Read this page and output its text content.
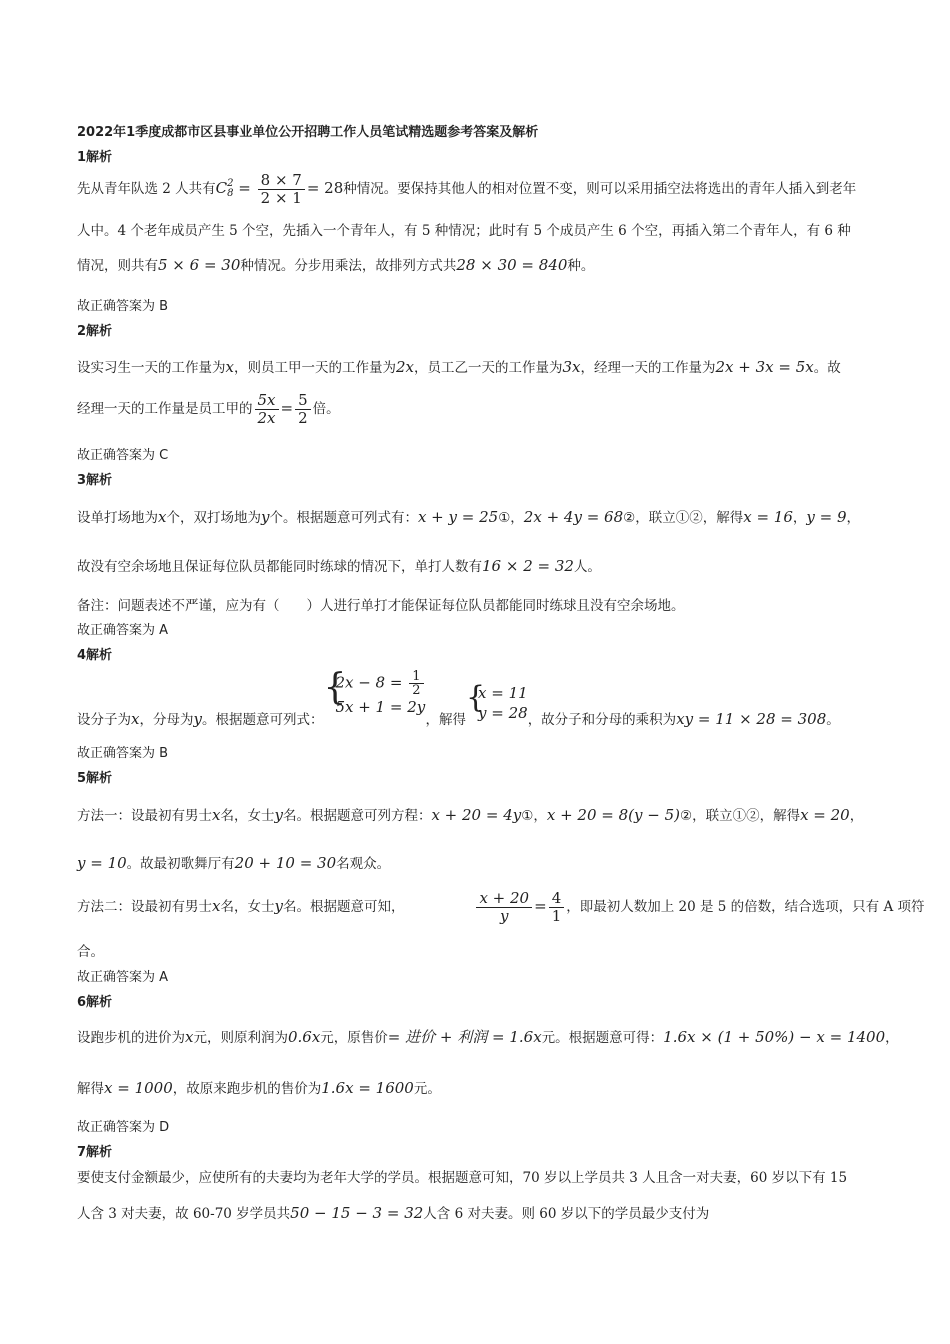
2022年1季度成都市区县事业单位公开招聘工作人员笔试精选题参考答案及解析
1解析
先从青年队选 2 人共有C 2
$8 = \frac{8 \times 7}{2 \times 1} = 28$种情况。要保持其他人的相对位置不变，则可以采用插空法将选出的青年人插入到老年
人中。4 个老年成员产生 5 个空，先插入一个青年人，有 5 种情况；此时有 5 个成员产生 6 个空，再插入第二个青年人，有 6 种
情况，则共有5 × 6 = 30种情况。分步用乘法，故排列方式共28 × 30 = 840种。
故正确答案为 B
2解析
设实习生一天的工作量为x，则员工甲一天的工作量为2x，员工乙一天的工作量为3x，经理一天的工作量为2x + 3x = 5x。故
经理一天的工作量是员工甲的 $\frac{5x}{2x} = \frac{5}{2}$ 倍。
故正确答案为 C
3解析
设单打场地为x个，双打场地为y个。根据题意可列式有：x + y = 25①，2x + 4y = 68②，联立①②，解得x = 16，y = 9，
故没有空余场地且保证每位队员都能同时练球的情况下，单打人数有16 × 2 = 32人。
备注：问题表述不严谨，应为有（　　）人进行单打才能保证每位队员都能同时练球且没有空余场地。
故正确答案为 A
4解析
设分子为x，分母为y。根据题意可列式：
{
$2x - 8 = \frac{1}{2}$
5x + 1 = 2y
，解得
{
x = 11
y = 28 ，故分子和分母的乘积为xy = 11 × 28 = 308。
故正确答案为 B
5解析
方法一：设最初有男士x名，女士y名。根据题意可列方程：x + 20 = 4y①，x + 20 = 8(y − 5)②，联立①②，解得x = 20，
y = 10。故最初歌舞厅有20 + 10 = 30名观众。
方法二：设最初有男士x名，女士y名。根据题意可知，	$\frac{x + 20}{y} = \frac{4}{1}$ ，即最初人数加上 20 是 5 的倍数，结合选项，只有 A 项符
合。
故正确答案为 A
6解析
设跑步机的进价为x元，则原利润为0.6x元，原售价= 进价 + 利润 = 1.6x元。根据题意可得：1.6x × (1 + 50%) − x = 1400，
解得x = 1000，故原来跑步机的售价为1.6x = 1600元。
故正确答案为 D
7解析
要使支付金额最少，应使所有的夫妻均为老年大学的学员。根据题意可知，70 岁以上学员共 3 人且含一对夫妻，60 岁以下有 15
人含 3 对夫妻，故 60-70 岁学员共50 − 15 − 3 = 32人含 6 对夫妻。则 60 岁以下的学员最少支付为
